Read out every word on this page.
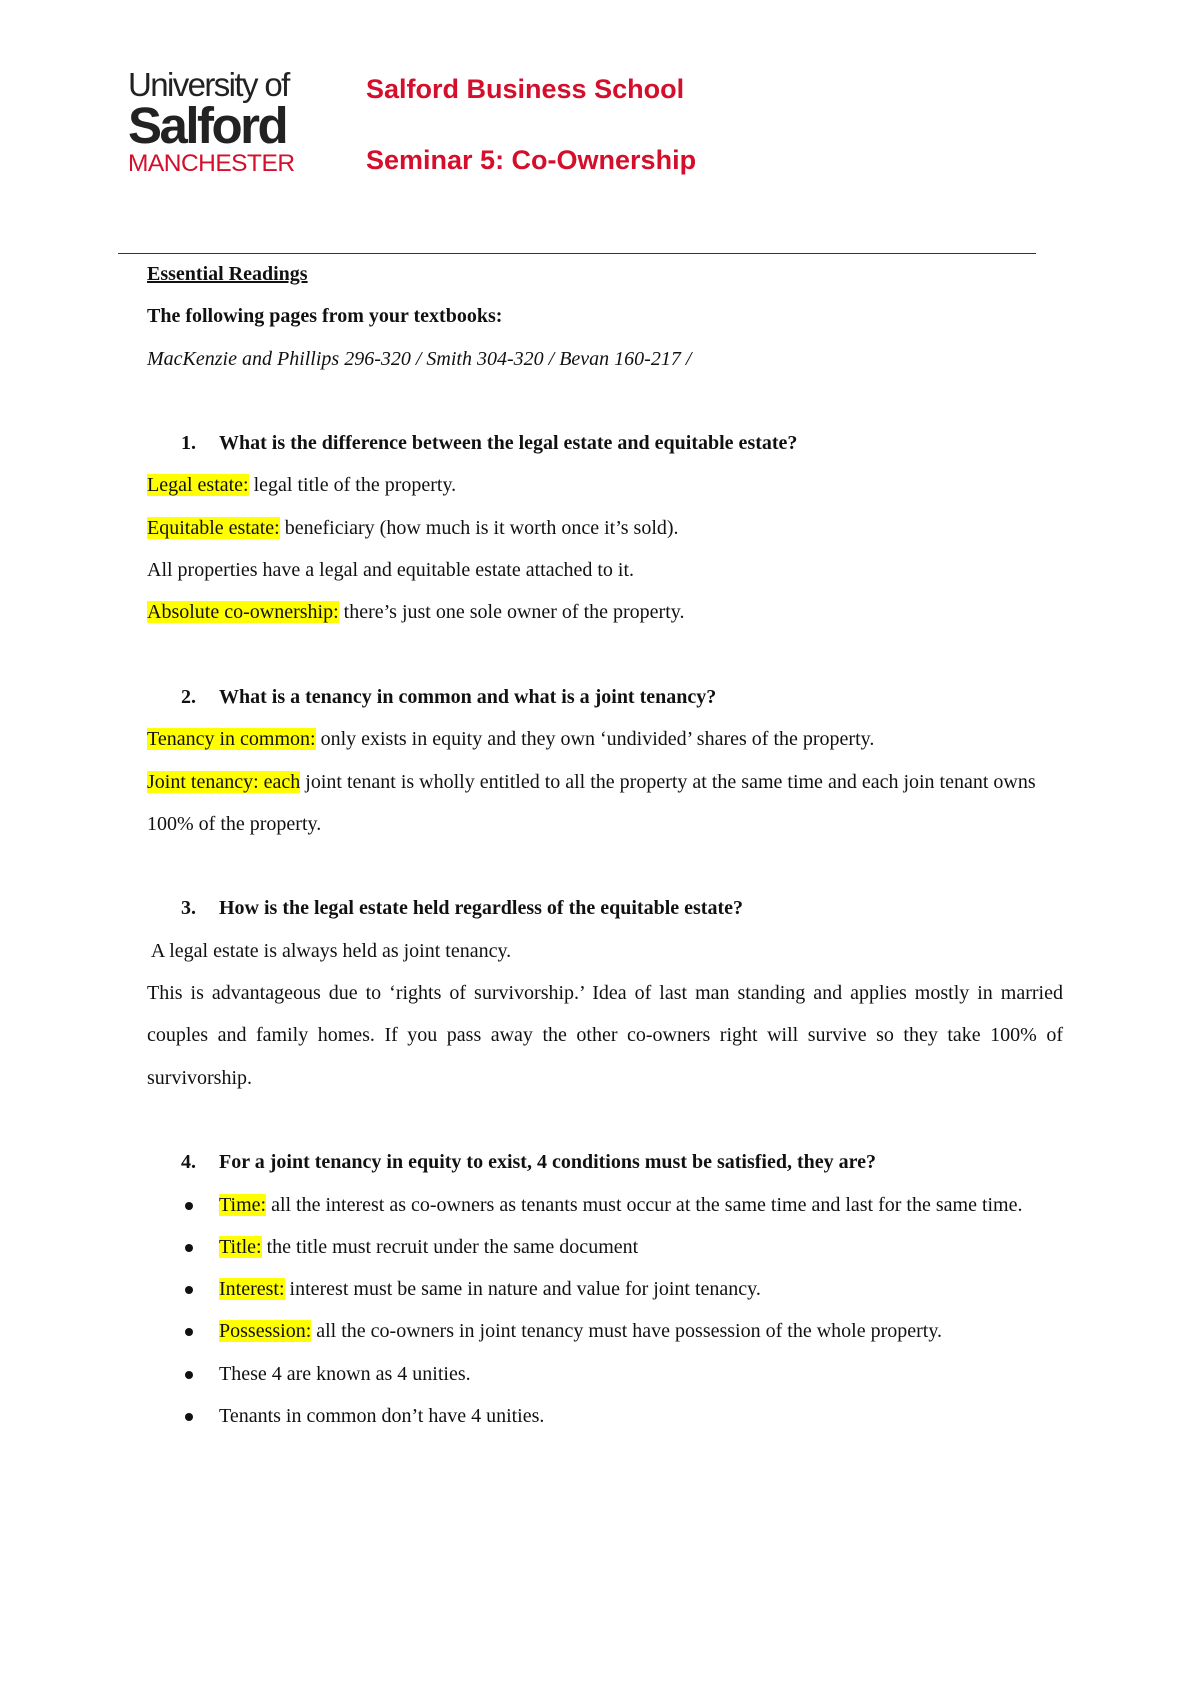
University of
Salford
MANCHESTER
Salford Business School
Seminar 5: Co-Ownership

Essential Readings

The following pages from your textbooks:

MacKenzie and Phillips 296-320 / Smith 304-320 / Bevan 160-217 /

1. What is the difference between the legal estate and equitable estate?

Legal estate: legal title of the property.

Equitable estate: beneficiary (how much is it worth once it’s sold).

All properties have a legal and equitable estate attached to it.

Absolute co-ownership: there’s just one sole owner of the property.

2. What is a tenancy in common and what is a joint tenancy?

Tenancy in common: only exists in equity and they own ‘undivided’ shares of the property.

Joint tenancy: each joint tenant is wholly entitled to all the property at the same time and each join tenant owns 100% of the property.

3. How is the legal estate held regardless of the equitable estate?

A legal estate is always held as joint tenancy.

This is advantageous due to ‘rights of survivorship.’ Idea of last man standing and applies mostly in married couples and family homes. If you pass away the other co-owners right will survive so they take 100% of survivorship.

4. For a joint tenancy in equity to exist, 4 conditions must be satisfied, they are?

Time: all the interest as co-owners as tenants must occur at the same time and last for the same time.
Title: the title must recruit under the same document
Interest: interest must be same in nature and value for joint tenancy.
Possession: all the co-owners in joint tenancy must have possession of the whole property.
These 4 are known as 4 unities.
Tenants in common don’t have 4 unities.
